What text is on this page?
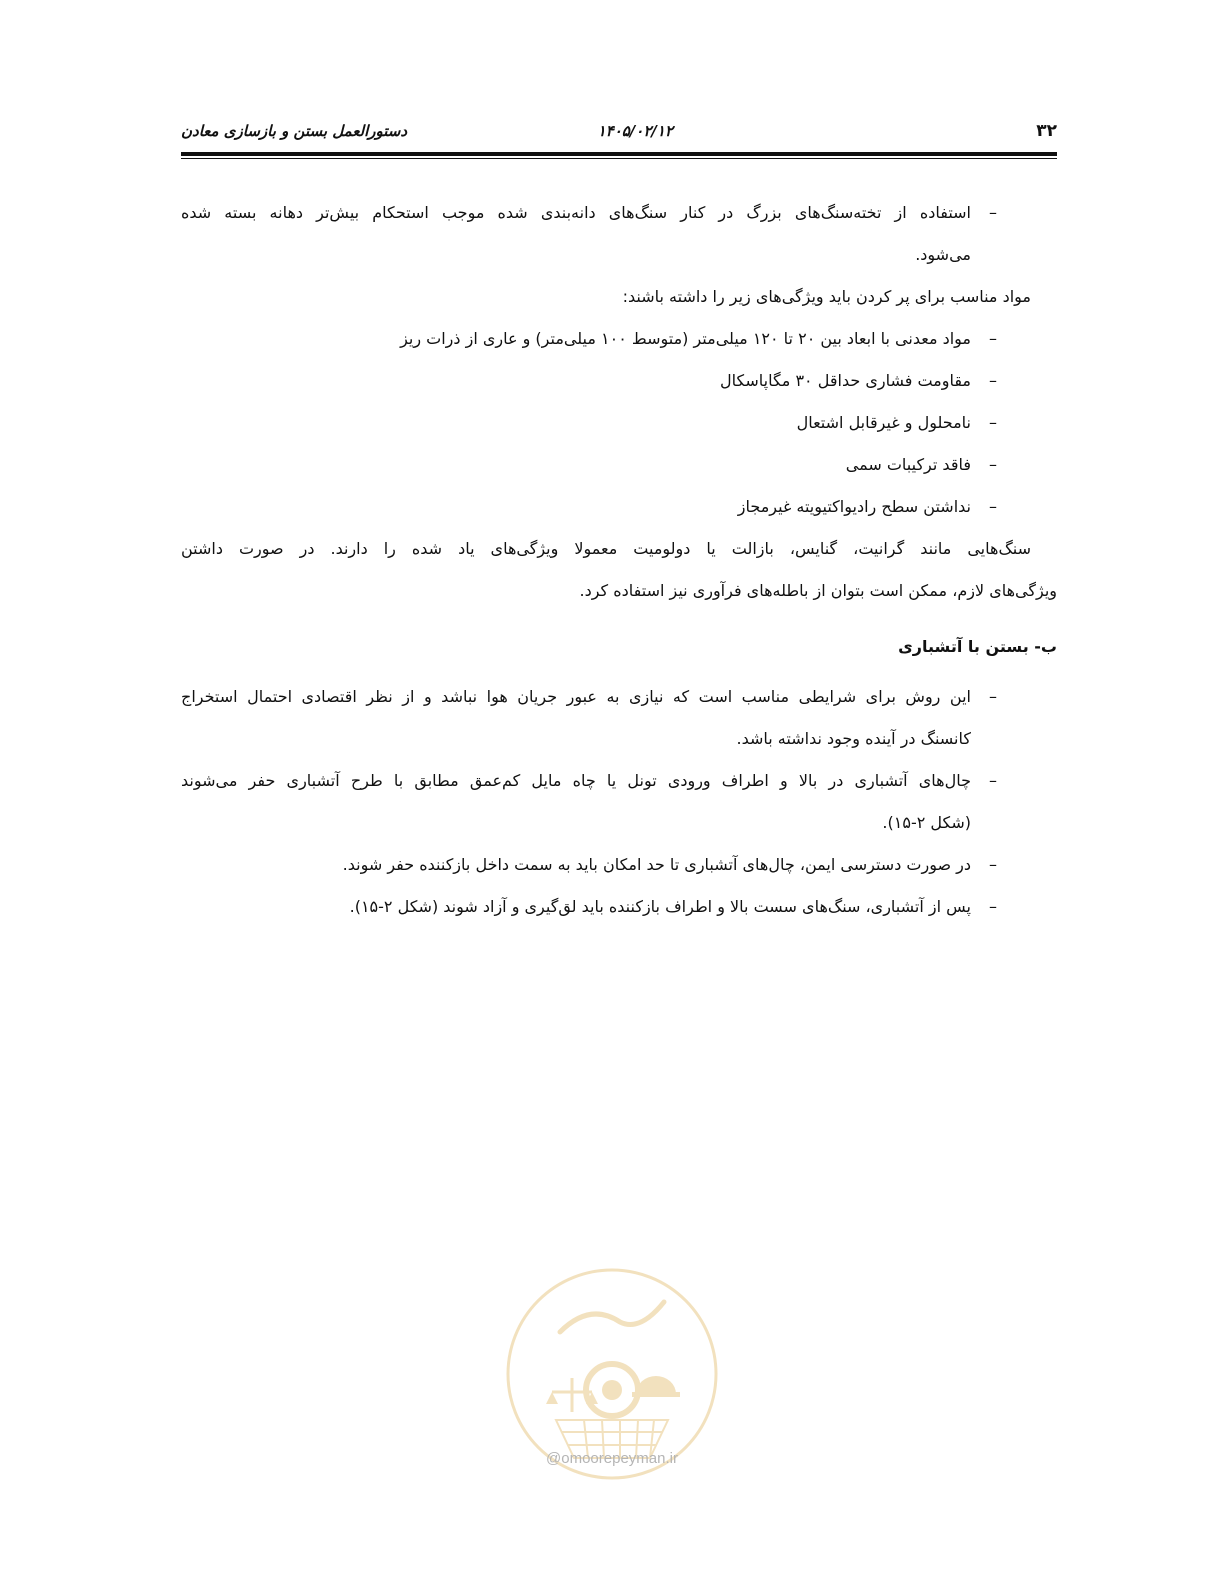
۳۲
۱۴۰۵/۰۲/۱۲
دستورالعمل بستن و بازسازی معادن
–
استفاده از تخته‌سنگ‌های بزرگ در کنار سنگ‌های دانه‌بندی شده موجب استحکام بیش‌تر دهانه بسته شده
می‌شود.
مواد مناسب برای پر کردن باید ویژگی‌های زیر را داشته باشند:
–
مواد معدنی با ابعاد بین ۲۰ تا ۱۲۰ میلی‌متر (متوسط ۱۰۰ میلی‌متر) و عاری از ذرات ریز
–
مقاومت فشاری حداقل ۳۰ مگاپاسکال
–
نامحلول و غیرقابل اشتعال
–
فاقد ترکیبات سمی
–
نداشتن سطح رادیواکتیویته غیرمجاز
سنگ‌هایی مانند گرانیت، گنایس، بازالت یا دولومیت معمولا ویژگی‌های یاد شده را دارند. در صورت داشتن
ویژگی‌های لازم، ممکن است بتوان از باطله‌های فرآوری نیز استفاده کرد.
ب- بستن با آتشباری
–
این روش برای شرایطی مناسب است که نیازی به عبور جریان هوا نباشد و از نظر اقتصادی احتمال استخراج
کانسنگ در آینده وجود نداشته باشد.
–
چال‌های آتشباری در بالا و اطراف ورودی تونل یا چاه مایل کم‌عمق مطابق با طرح آتشباری حفر می‌شوند
(شکل ۲-۱۵).
–
در صورت دسترسی ایمن، چال‌های آتشباری تا حد امکان باید به سمت داخل بازکننده حفر شوند.
–
پس از آتشباری، سنگ‌های سست بالا و اطراف بازکننده باید لق‌گیری و آزاد شوند (شکل ۲-۱۵).
@omoorepeyman.ir
